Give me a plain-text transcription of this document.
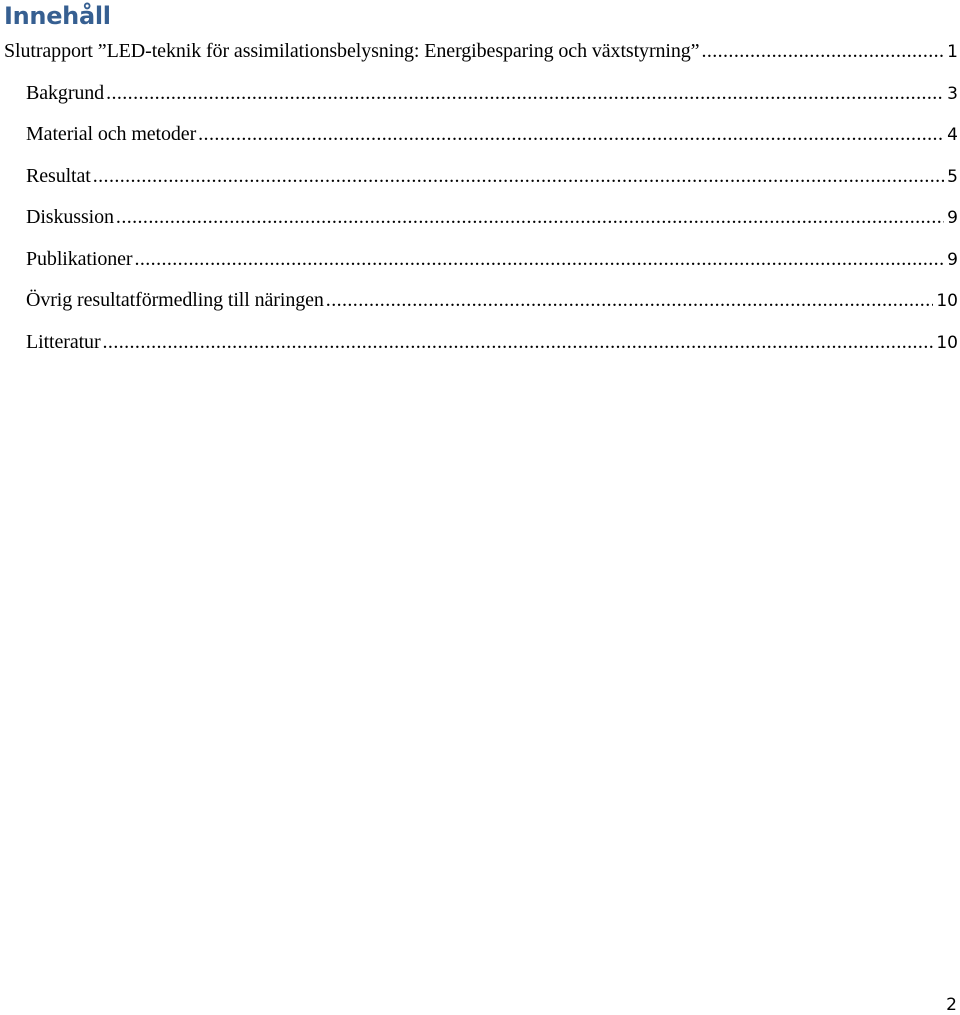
Innehåll
Slutrapport ”LED-teknik för assimilationsbelysning: Energibesparing och växtstyrning” .....	1
Bakgrund .....	3
Material och metoder .....	4
Resultat .....	5
Diskussion .....	9
Publikationer .....	9
Övrig resultatförmedling till näringen .....	10
Litteratur .....	10
2
